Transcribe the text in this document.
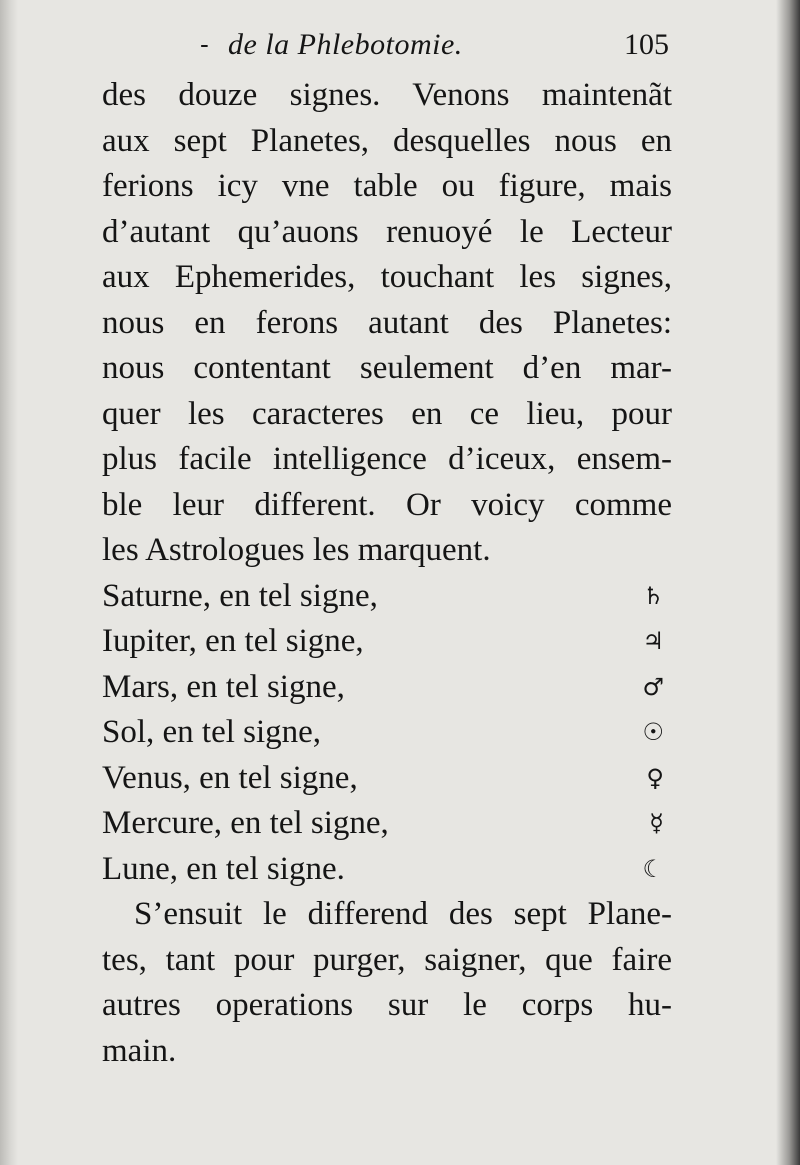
- de la Phlebotomie.	105
des douze signes. Venons maintenãt
aux sept Planetes, desquelles nous en
ferions icy vne table ou figure, mais
d’autant qu’auons renuoyé le Lecteur
aux Ephemerides, touchant les signes,
nous en ferons autant des Planetes:
nous contentant seulement d’en mar-
quer les caracteres en ce lieu, pour
plus facile intelligence d’iceux, ensem-
ble leur different. Or voicy comme
les Astrologues les marquent.
Saturne, en tel signe,	♄
Iupiter, en tel signe,	♃
Mars, en tel signe,	♂
Sol, en tel signe,	☉
Venus, en tel signe,	♀
Mercure, en tel signe,	☿
Lune, en tel signe.	☾
S’ensuit le differend des sept Plane-
tes, tant pour purger, saigner, que faire
autres operations sur le corps hu-
main.
